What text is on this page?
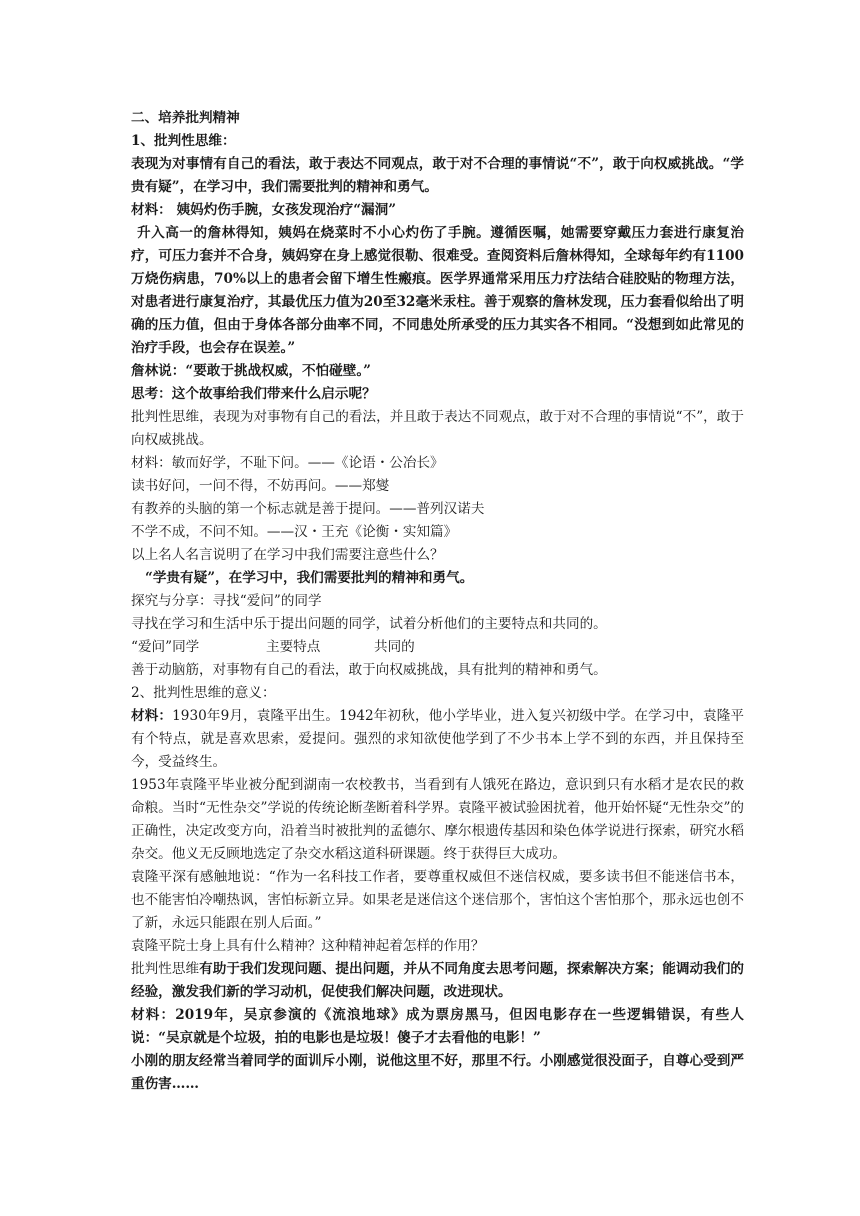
二、培养批判精神

1、批判性思维：

表现为对事情有自己的看法，敢于表达不同观点，敢于对不合理的事情说“不”，敢于向权威挑战。“学贵有疑”，在学习中，我们需要批判的精神和勇气。

材料： 姨妈灼伤手腕，女孩发现治疗“漏洞”

升入高一的詹林得知，姨妈在烧菜时不小心灼伤了手腕。遵循医嘱，她需要穿戴压力套进行康复治疗，可压力套并不合身，姨妈穿在身上感觉很勒、很难受。查阅资料后詹林得知，全球每年约有1100万烧伤病患，70%以上的患者会留下增生性瘢痕。医学界通常采用压力疗法结合硅胶贴的物理方法，对患者进行康复治疗，其最优压力值为20至32毫米汞柱。善于观察的詹林发现，压力套看似给出了明确的压力值，但由于身体各部分曲率不同，不同患处所承受的压力其实各不相同。“没想到如此常见的治疗手段，也会存在误差。”

詹林说：“要敢于挑战权威，不怕碰壁。”

思考：这个故事给我们带来什么启示呢？

批判性思维，表现为对事物有自己的看法，并且敢于表达不同观点，敢于对不合理的事情说“不”，敢于向权威挑战。

材料：敏而好学，不耻下问。——《论语・公冶长》

读书好问，一问不得，不妨再问。——郑燮

有教养的头脑的第一个标志就是善于提问。——普列汉诺夫

不学不成，不问不知。——汉・王充《论衡・实知篇》

以上名人名言说明了在学习中我们需要注意些什么？

“学贵有疑”，在学习中，我们需要批判的精神和勇气。

探究与分享：寻找“爱问”的同学

寻找在学习和生活中乐于提出问题的同学，试着分析他们的主要特点和共同的。

“爱问”同学	主要特点	共同的

善于动脑筋，对事物有自己的看法，敢于向权威挑战，具有批判的精神和勇气。

2、批判性思维的意义：

材料：1930年9月，袁隆平出生。1942年初秋，他小学毕业，进入复兴初级中学。在学习中，袁隆平有个特点，就是喜欢思索，爱提问。强烈的求知欲使他学到了不少书本上学不到的东西，并且保持至今，受益终生。

1953年袁隆平毕业被分配到湖南一农校教书，当看到有人饿死在路边，意识到只有水稻才是农民的救命粮。当时“无性杂交”学说的传统论断垄断着科学界。袁隆平被试验困扰着，他开始怀疑“无性杂交”的正确性，决定改变方向，沿着当时被批判的孟德尔、摩尔根遗传基因和染色体学说进行探索，研究水稻杂交。他义无反顾地选定了杂交水稻这道科研课题。终于获得巨大成功。

袁隆平深有感触地说：“作为一名科技工作者，要尊重权威但不迷信权威，要多读书但不能迷信书本，也不能害怕冷嘲热讽，害怕标新立异。如果老是迷信这个迷信那个，害怕这个害怕那个，那永远也创不了新，永远只能跟在别人后面。”

袁隆平院士身上具有什么精神？这种精神起着怎样的作用？

批判性思维有助于我们发现问题、提出问题，并从不同角度去思考问题，探索解决方案；能调动我们的经验，激发我们新的学习动机，促使我们解决问题，改进现状。

材料：2019年，吴京参演的《流浪地球》成为票房黑马，但因电影存在一些逻辑错误，有些人说：“吴京就是个垃圾，拍的电影也是垃圾！傻子才去看他的电影！”

小刚的朋友经常当着同学的面训斥小刚，说他这里不好，那里不行。小刚感觉很没面子，自尊心受到严重伤害……
